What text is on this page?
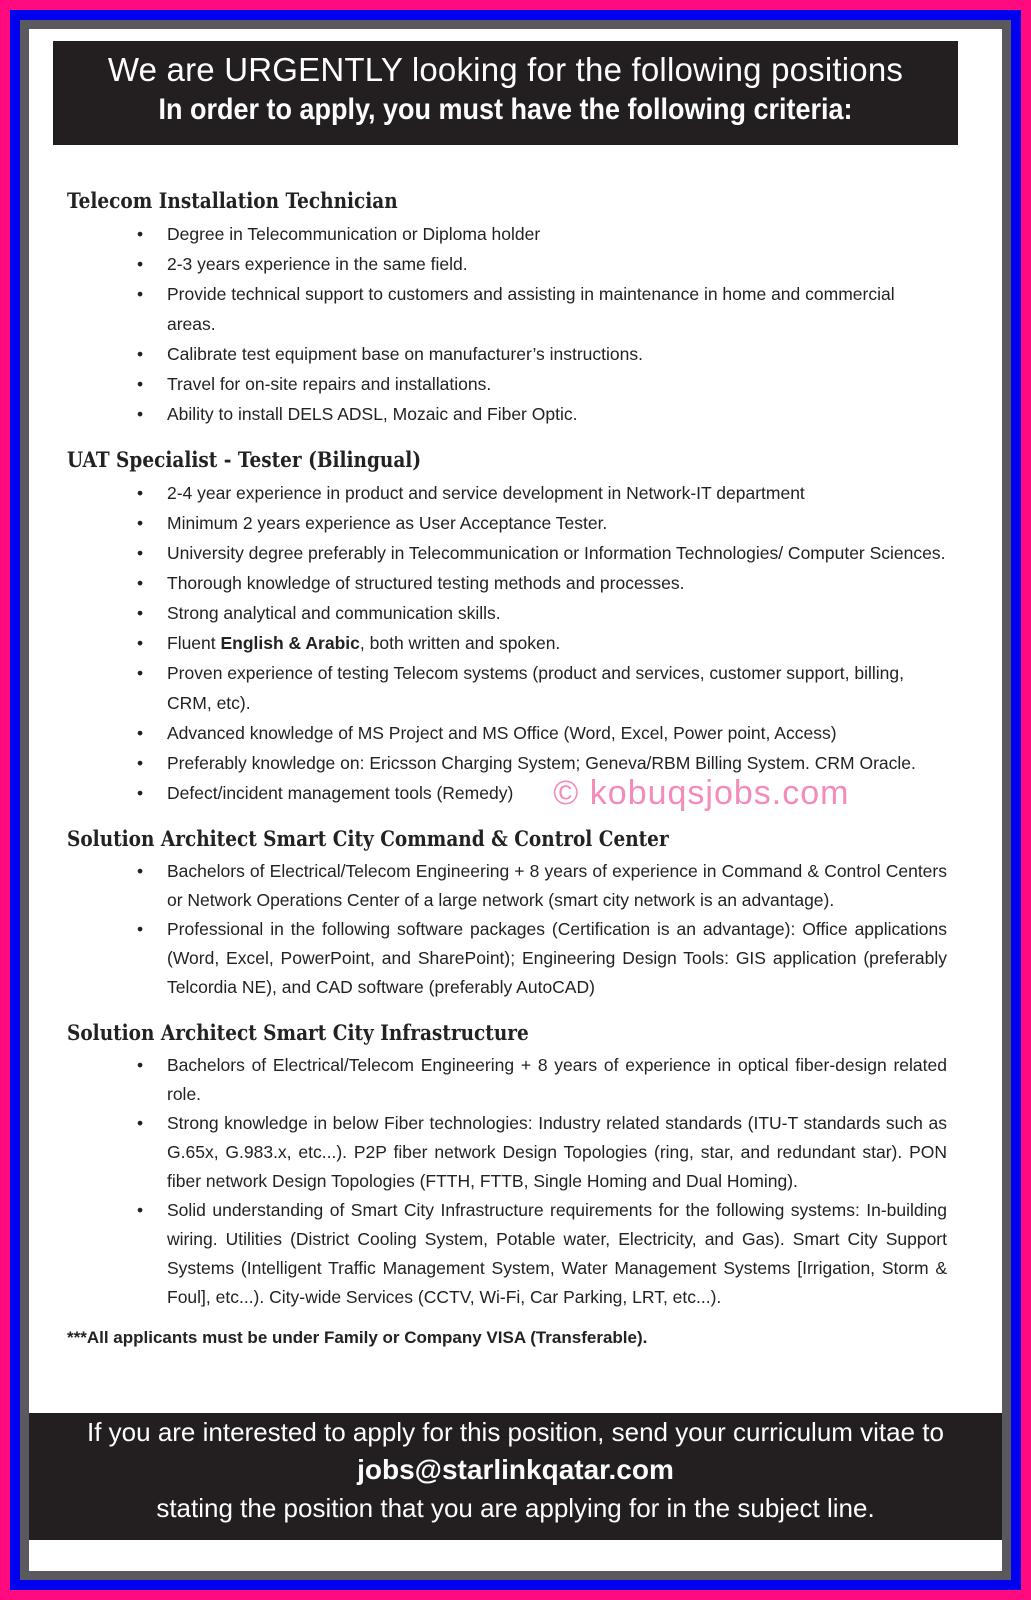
We are URGENTLY looking for the following positions
In order to apply, you must have the following criteria:
Telecom Installation Technician
• Degree in Telecommunication or Diploma holder
• 2-3 years experience in the same field.
• Provide technical support to customers and assisting in maintenance in home and commercial areas.
• Calibrate test equipment base on manufacturer’s instructions.
• Travel for on-site repairs and installations.
• Ability to install DELS ADSL, Mozaic and Fiber Optic.
UAT Specialist - Tester (Bilingual)
• 2-4 year experience in product and service development in Network-IT department
• Minimum 2 years experience as User Acceptance Tester.
• University degree preferably in Telecommunication or Information Technologies/ Computer Sciences.
• Thorough knowledge of structured testing methods and processes.
• Strong analytical and communication skills.
• Fluent English & Arabic, both written and spoken.
• Proven experience of testing Telecom systems (product and services, customer support, billing, CRM, etc).
• Advanced knowledge of MS Project and MS Office (Word, Excel, Power point, Access)
• Preferably knowledge on: Ericsson Charging System; Geneva/RBM Billing System. CRM Oracle.
• Defect/incident management tools (Remedy) © kobuqsjobs.com
Solution Architect Smart City Command & Control Center
• Bachelors of Electrical/Telecom Engineering + 8 years of experience in Command & Control Centers or Network Operations Center of a large network (smart city network is an advantage).
• Professional in the following software packages (Certification is an advantage): Office applications (Word, Excel, PowerPoint, and SharePoint); Engineering Design Tools: GIS application (preferably Telcordia NE), and CAD software (preferably AutoCAD)
Solution Architect Smart City Infrastructure
• Bachelors of Electrical/Telecom Engineering + 8 years of experience in optical fiber-design related role.
• Strong knowledge in below Fiber technologies: Industry related standards (ITU-T standards such as G.65x, G.983.x, etc...). P2P fiber network Design Topologies (ring, star, and redundant star). PON fiber network Design Topologies (FTTH, FTTB, Single Homing and Dual Homing).
• Solid understanding of Smart City Infrastructure requirements for the following systems: In-building wiring. Utilities (District Cooling System, Potable water, Electricity, and Gas). Smart City Support Systems (Intelligent Traffic Management System, Water Management Systems [Irrigation, Storm & Foul], etc...). City-wide Services (CCTV, Wi-Fi, Car Parking, LRT, etc...).
***All applicants must be under Family or Company VISA (Transferable).
If you are interested to apply for this position, send your curriculum vitae to
jobs@starlinkqatar.com
stating the position that you are applying for in the subject line.
